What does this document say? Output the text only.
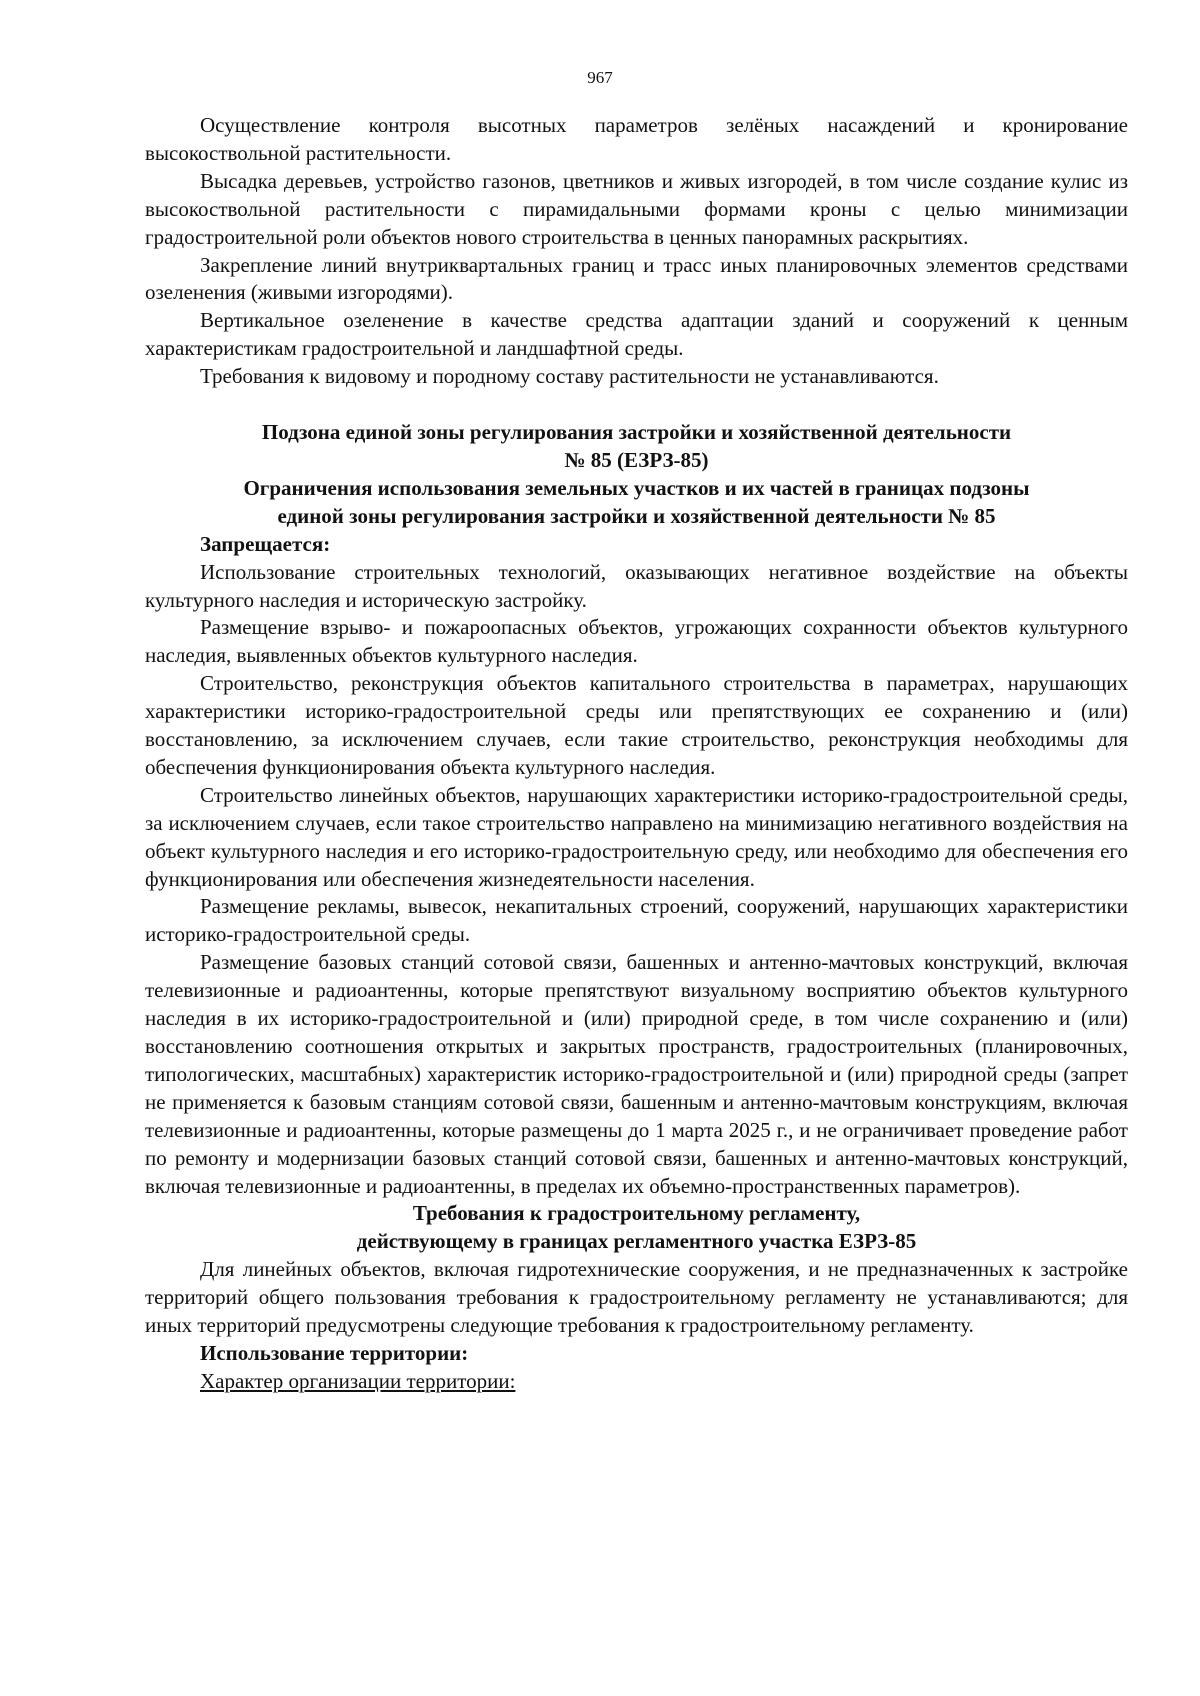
967

Осуществление контроля высотных параметров зелёных насаждений и кронирование высокоствольной растительности.

Высадка деревьев, устройство газонов, цветников и живых изгородей, в том числе создание кулис из высокоствольной растительности с пирамидальными формами кроны с целью минимизации градостроительной роли объектов нового строительства в ценных панорамных раскрытиях.

Закрепление линий внутриквартальных границ и трасс иных планировочных элементов средствами озеленения (живыми изгородями).

Вертикальное озеленение в качестве средства адаптации зданий и сооружений к ценным характеристикам градостроительной и ландшафтной среды.

Требования к видовому и породному составу растительности не устанавливаются.

Подзона единой зоны регулирования застройки и хозяйственной деятельности
№ 85 (ЕЗРЗ-85)
Ограничения использования земельных участков и их частей в границах подзоны
единой зоны регулирования застройки и хозяйственной деятельности № 85
Запрещается:

Использование строительных технологий, оказывающих негативное воздействие на объекты культурного наследия и историческую застройку.

Размещение взрыво- и пожароопасных объектов, угрожающих сохранности объектов культурного наследия, выявленных объектов культурного наследия.

Строительство, реконструкция объектов капитального строительства в параметрах, нарушающих характеристики историко-градостроительной среды или препятствующих ее сохранению и (или) восстановлению, за исключением случаев, если такие строительство, реконструкция необходимы для обеспечения функционирования объекта культурного наследия.

Строительство линейных объектов, нарушающих характеристики историко-градостроительной среды, за исключением случаев, если такое строительство направлено на минимизацию негативного воздействия на объект культурного наследия и его историко-градостроительную среду, или необходимо для обеспечения его функционирования или обеспечения жизнедеятельности населения.

Размещение рекламы, вывесок, некапитальных строений, сооружений, нарушающих характеристики историко-градостроительной среды.

Размещение базовых станций сотовой связи, башенных и антенно-мачтовых конструкций, включая телевизионные и радиоантенны, которые препятствуют визуальному восприятию объектов культурного наследия в их историко-градостроительной и (или) природной среде, в том числе сохранению и (или) восстановлению соотношения открытых и закрытых пространств, градостроительных (планировочных, типологических, масштабных) характеристик историко-градостроительной и (или) природной среды (запрет не применяется к базовым станциям сотовой связи, башенным и антенно-мачтовым конструкциям, включая телевизионные и радиоантенны, которые размещены до 1 марта 2025 г., и не ограничивает проведение работ по ремонту и модернизации базовых станций сотовой связи, башенных и антенно-мачтовых конструкций, включая телевизионные и радиоантенны, в пределах их объемно-пространственных параметров).

Требования к градостроительному регламенту,
действующему в границах регламентного участка ЕЗРЗ-85

Для линейных объектов, включая гидротехнические сооружения, и не предназначенных к застройке территорий общего пользования требования к градостроительному регламенту не устанавливаются; для иных территорий предусмотрены следующие требования к градостроительному регламенту.

Использование территории:
Характер организации территории:
